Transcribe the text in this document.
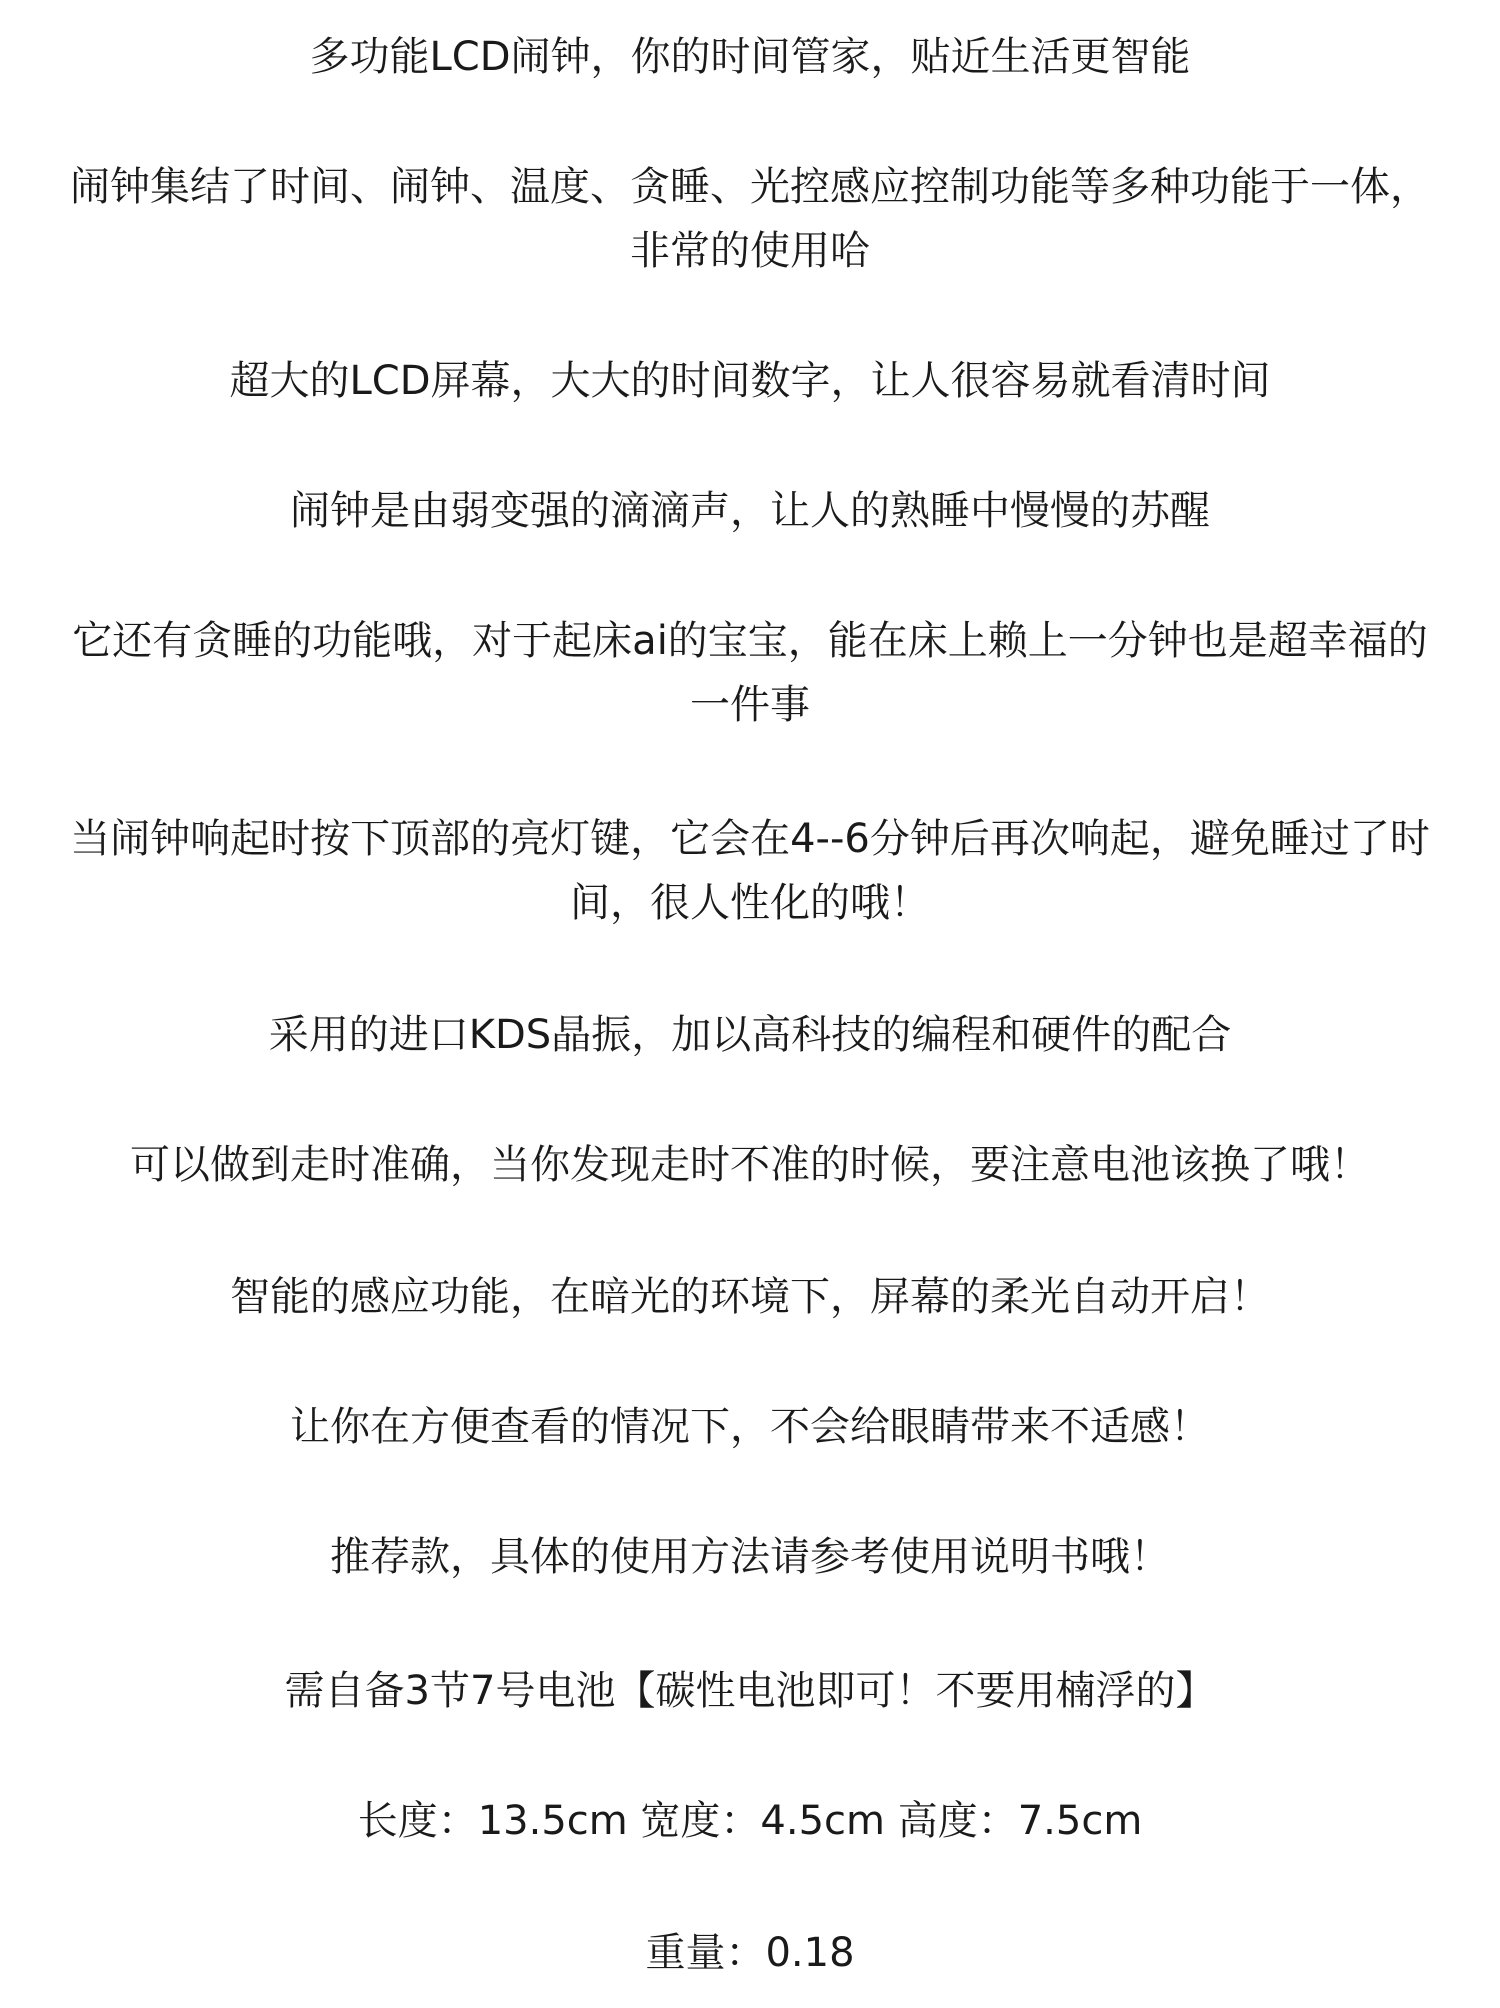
多功能LCD闹钟，你的时间管家，贴近生活更智能
闹钟集结了时间、闹钟、温度、贪睡、光控感应控制功能等多种功能于一体，
非常的使用哈
超大的LCD屏幕，大大的时间数字，让人很容易就看清时间
闹钟是由弱变强的滴滴声，让人的熟睡中慢慢的苏醒
它还有贪睡的功能哦，对于起床ai的宝宝，能在床上赖上一分钟也是超幸福的
一件事
当闹钟响起时按下顶部的亮灯键，它会在4--6分钟后再次响起，避免睡过了时
间，很人性化的哦！
采用的进口KDS晶振，加以高科技的编程和硬件的配合
可以做到走时准确，当你发现走时不准的时候，要注意电池该换了哦！
智能的感应功能，在暗光的环境下，屏幕的柔光自动开启！
让你在方便查看的情况下，不会给眼睛带来不适感！
推荐款，具体的使用方法请参考使用说明书哦！
需自备3节7号电池【碳性电池即可！不要用楠浮的】
长度：13.5cm 宽度：4.5cm 高度：7.5cm
重量：0.18
